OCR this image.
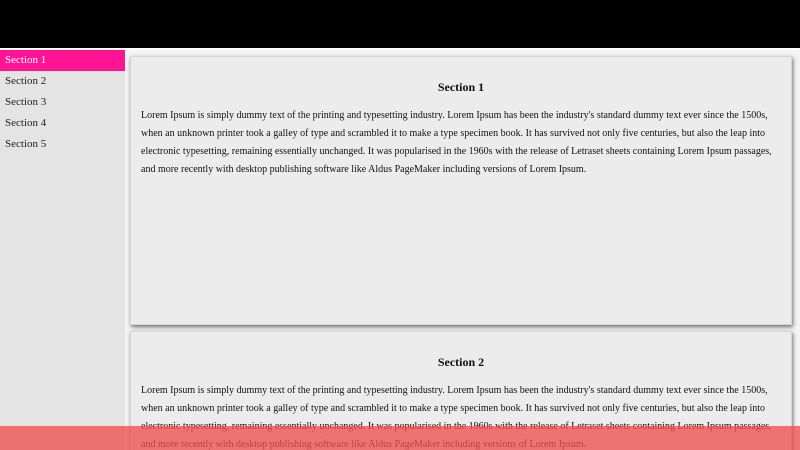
Section 1
Section 2
Section 3
Section 4
Section 5
Section 1

Lorem Ipsum is simply dummy text of the printing and typesetting industry. Lorem Ipsum has been the industry's standard dummy text ever since the 1500s, when an unknown printer took a galley of type and scrambled it to make a type specimen book. It has survived not only five centuries, but also the leap into electronic typesetting, remaining essentially unchanged. It was popularised in the 1960s with the release of Letraset sheets containing Lorem Ipsum passages, and more recently with desktop publishing software like Aldus PageMaker including versions of Lorem Ipsum.

Section 2

Lorem Ipsum is simply dummy text of the printing and typesetting industry. Lorem Ipsum has been the industry's standard dummy text ever since the 1500s, when an unknown printer took a galley of type and scrambled it to make a type specimen book. It has survived not only five centuries, but also the leap into
